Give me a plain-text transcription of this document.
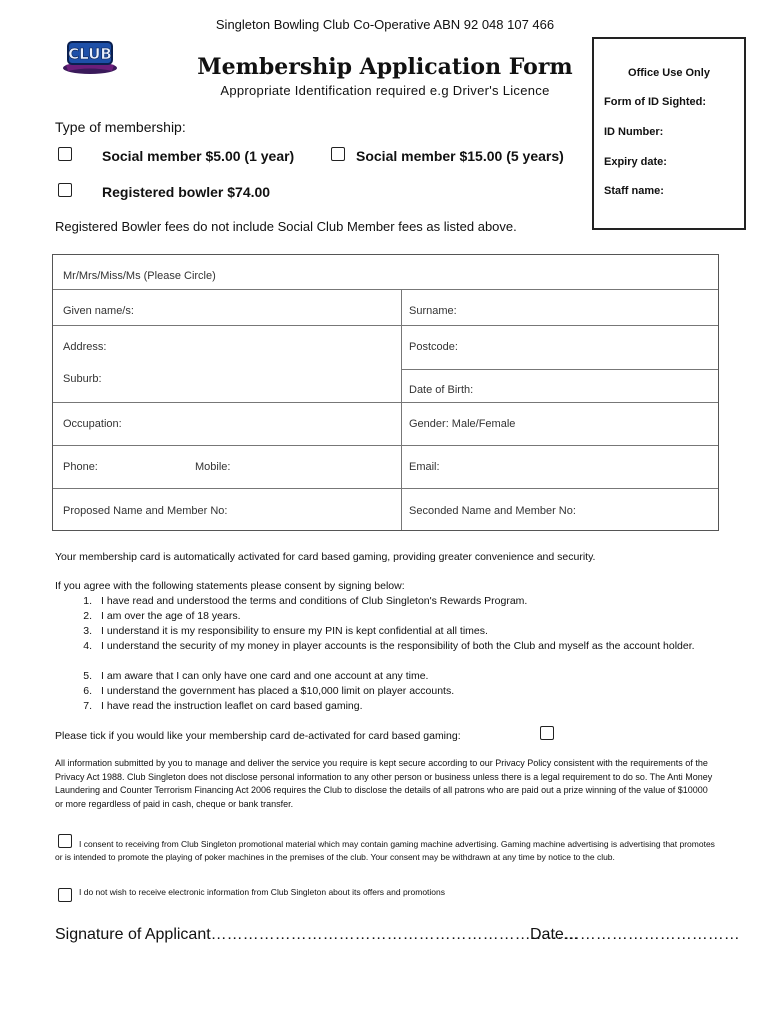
Singleton Bowling Club Co-Operative ABN 92 048 107 466
CLUB	Membership Application Form
Appropriate Identification required e.g Driver's Licence
Office Use Only
Form of ID Sighted:
ID Number:
Expiry date:
Staff name:
Type of membership:
Social member $5.00 (1 year)	Social member $15.00 (5 years)
Registered bowler $74.00
Registered Bowler fees do not include Social Club Member fees as listed above.
Mr/Mrs/Miss/Ms (Please Circle)
Given name/s:	Surname:
Address:	Postcode:
Suburb:
Date of Birth:
Occupation:	Gender: Male/Female
Phone:	Mobile:	Email:
Proposed Name and Member No:	Seconded Name and Member No:
Your membership card is automatically activated for card based gaming, providing greater convenience and security.
If you agree with the following statements please consent by signing below:
1. I have read and understood the terms and conditions of Club Singleton's Rewards Program.
2. I am over the age of 18 years.
3. I understand it is my responsibility to ensure my PIN is kept confidential at all times.
4. I understand the security of my money in player accounts is the responsibility of both the Club and myself as the account holder.
5. I am aware that I can only have one card and one account at any time.
6. I understand the government has placed a $10,000 limit on player accounts.
7. I have read the instruction leaflet on card based gaming.
Please tick if you would like your membership card de-activated for card based gaming:
All information submitted by you to manage and deliver the service you require is kept secure according to our Privacy Policy consistent with the requirements of the Privacy Act 1988. Club Singleton does not disclose personal information to any other person or business unless there is a legal requirement to do so. The Anti Money Laundering and Counter Terrorism Financing Act 2006 requires the Club to disclose the details of all patrons who are paid out a prize winning of the value of $10000 or more regardless of paid in cash, cheque or bank transfer.
I consent to receiving from Club Singleton promotional material which may contain gaming machine advertising. Gaming machine advertising is advertising that promotes or is intended to promote the playing of poker machines in the premises of the club. Your consent may be withdrawn at any time by notice to the club.
I do not wish to receive electronic information from Club Singleton about its offers and promotions
Signature of Applicant……………………………………………………………
Date……………………………
